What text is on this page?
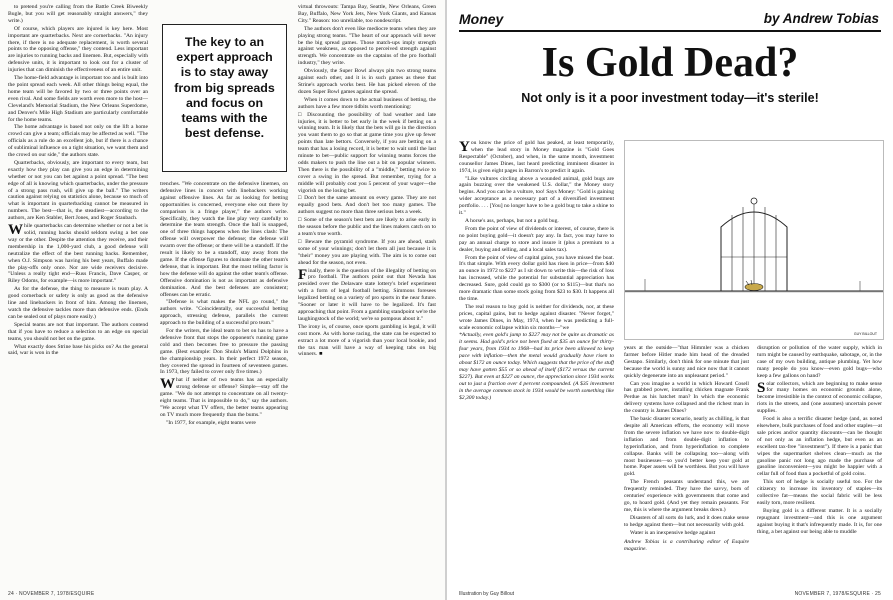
to pretend you're calling from the Battle Creek Biweekly Bugle, but you will get reasonably straight answers," they write.)

Of course, which players are injured is key here. Most important are quarterbacks. Next are cornerbacks. "An injury there, if there is no adequate replacement, is worth several points to the opposing offense," they contend. Less important are injuries to running backs and linemen. But, especially with defensive units, it is important to look out for a cluster of injuries that can diminish the effectiveness of an entire unit.

The home-field advantage is important too and is built into the point spread each week. All other things being equal, the home team will be favored by two or three points over an even rival. And some fields are worth even more to the host—Cleveland's Memorial Stadium, the New Orleans Superdome, and Denver's Mile High Stadium are particularly comfortable for the home teams.

The home advantage is based not only on the lift a home crowd can give a team; officials may be affected as well. "The officials as a rule do an excellent job, but if there is a chance of subliminal influence on a tight situation, we want them and the crowd on our side," the authors state.

Quarterbacks, obviously, are important to every team, but exactly how they play can give you an edge in determining whether or not you can bet against a point spread. "The best edge of all is knowing which quarterbacks, under the pressure of a strong pass rush, will give up the ball." The writers caution against relying on statistics alone, because so much of what is important in quarterbacking cannot be measured in numbers. The best—that is, the steadiest—according to the authors, are Ken Stabler, Bert Jones, and Roger Staubach.

While quarterbacks can determine whether or not a bet is solid, running backs should seldom swing a bet one way or the other. Despite the attention they receive, and their membership in the 1,000-yard club, a good defense will neutralize the effect of the best running backs. Remember, when O.J. Simpson was having his best years, Buffalo made the play-offs only once. Nor are wide receivers decisive. "Unless a really tight end—Russ Francis, Dave Casper, or Riley Odoms, for example—is more important."

As for the defense, the thing to measure is team play. A good cornerback or safety is only as good as the defensive line and linebackers in front of him. Among the linemen, watch the defensive tackles more than defensive ends. (Ends can be sealed out of plays more easily.)

Special teams are not that important. The authors contend that if you have to reduce a selection to an edge on special teams, you should not bet on the game.

What exactly does Strine base his picks on? As the general said, war is won in the

The key to an expert approach is to stay away from big spreads and focus on teams with the best defense.

trenches. "We concentrate on the defensive linemen, on defensive lines in concert with linebackers working against offensive lines. As far as looking for betting opportunities is concerned, everyone else out there by comparison is a fringe player," the authors write. Specifically, they watch the line play very carefully to determine the team strength. Once the ball is snapped, one of three things happens when the lines clash: The offense will overpower the defense; the defense will swarm over the offense; or there will be a standoff. If the result is likely to be a standoff, stay away from the game. If the offense figures to dominate the other team's defense, that is important. But the most telling factor is how the defense will do against the other team's offense. Offensive domination is not as important as defensive domination. And the best defenses are consistent; offenses can be erratic.

"Defense is what makes the NFL go round," the authors write. "Coincidentally, our successful betting approach, stressing defense, parallels the current approach to the building of a successful pro team."

For the writers, the ideal team to bet on has to have a defensive front that stops the opponent's running game cold and then becomes free to pressure the passing game. (Best example: Don Shula's Miami Dolphins in the championship years. In their perfect 1972 season, they covered the spread in fourteen of seventeen games. In 1973, they failed to cover only five times.)

What if neither of two teams has an especially strong defense or offense? Simple—stay off the game. "We do not attempt to concentrate on all twenty-eight teams. That is impossible to do," say the authors. "We accept what TV offers, the better teams appearing on TV much more frequently than the bums."

"In 1977, for example, eight teams were

virtual throwouts: Tampa Bay, Seattle, New Orleans, Green Bay, Buffalo, New York Jets, New York Giants, and Kansas City." Reason: too unreliable, too nondescript.

The authors don't even like mediocre teams when they are playing strong teams. "The heart of our approach will never be the big spread games. Those match-ups imply strength against weakness, as opposed to perceived strength against strength. We concentrate on the captains of the pro football industry," they write.

Obviously, the Super Bowl always pits two strong teams against each other, and it is in such games as these that Strine's approach works best. He has picked eleven of the dozen Super Bowl games against the spread.

When it comes down to the actual business of betting, the authors have a few more tidbits worth mentioning:

□ Discounting the possibility of bad weather and late injuries, it is better to bet early in the week if betting on a winning team. It is likely that the bets will go in the direction you want them to go so that at game time you give up fewer points than late bettors. Conversely, if you are betting on a team that has a losing record, it is better to wait until the last minute to bet—public support for winning teams forces the odds makers to push the line out a bit on popular winners. Then there is the possibility of a "middle," betting twice to cover a swing in the spread. But remember, trying for a middle will probably cost you 5 percent of your wager—the vigorish on the losing bet.

□ Don't bet the same amount on every game. They are not equally good bets. And don't bet too many games. The authors suggest no more than three serious bets a week.

□ Some of the season's best bets are likely to arise early in the season before the public and the lines makers catch on to a team's true worth.

□ Beware the pyramid syndrome. If you are ahead, stash some of your winnings; don't let them all just because it is "their" money you are playing with. The aim is to come out ahead for the season, not even.

Finally, there is the question of the illegality of betting on pro football. The authors point out that Nevada has presided over the Delaware state lottery's brief experiment with a form of legal football betting. Simmons foresees legalized betting on a variety of pro sports in the near future. "Sooner or later it will have to be legalized. It's fast approaching that point. From a gambling standpoint we're the laughingstock of the world; we're so pompous about it."

The irony is, of course, once sports gambling is legal, it will cost more. As with horse racing, the state can be expected to extract a lot more of a vigorish than your local bookie, and the tax man will have a way of keeping tabs on big winners. ■
24 · NOVEMBER 7, 1978/ESQUIRE
Money	by Andrew Tobias
Is Gold Dead?
Not only is it a poor investment today—it's sterile!

You know the price of gold has peaked, at least temporarily, when the lead story in Money magazine is "Gold Goes Respectable" (October), and when, in the same month, investment counsellor James Dines, last heard predicting imminent disaster in 1974, is given eight pages in Barron's to predict it again.

"Like vultures circling above a wounded animal, gold bugs are again buzzing over the weakened U.S. dollar," the Money story begins. And you can be a vulture, too! Says Money: "Gold is gaining wider acceptance as a necessary part of a diversified investment portfolio. . . . [You] no longer have to be a gold bug to take a shine to it."

A horse's ass, perhaps, but not a gold bug.

From the point of view of dividends or interest, of course, there is no point buying gold—it doesn't pay any. In fact, you may have to pay an annual charge to store and insure it (plus a premium to a dealer, buying and selling, and a local sales tax).

From the point of view of capital gains, you have missed the boat. It's that simple. With every dollar gold has risen in price—from $40 an ounce in 1972 to $227 as I sit down to write this—the risk of loss has increased, while the potential for substantial appreciation has decreased. Sure, gold could go to $300 (or to $115)—but that's no more dramatic than some stock going from $23 to $30. It happens all the time.

The real reason to buy gold is neither for dividends, nor, at these prices, capital gains, but to hedge against disaster. "Never forget," wrote James Dines, in May, 1974, when he was predicting a full-scale economic collapse within six months—"we

*Actually, even gold's jump to $227 may not be quite as dramatic as it seems. Had gold's price not been fixed at $35 an ounce for thirty-four years, from 1934 to 1968—had its price been allowed to keep pace with inflation—then the metal would gradually have risen to about $172 an ounce today. Which suggests that the price of the stuff may have gotten $55 or so ahead of itself ($172 versus the current $227). But even at $227 an ounce, the appreciation since 1934 works out to just a fraction over 4 percent compounded. (A $35 investment in the average common stock in 1934 would be worth something like $2,300 today.)

GUY BILLOUT

years at the outside—"that Himmler was a chicken farmer before Hitler made him head of the dreaded Gestapo. Similarly, don't think for one minute that just because the world is sunny and nice now that it cannot quickly degenerate into an unpleasant period."

Can you imagine a world in which Howard Cosell has grabbed power, installing chicken magnate Frank Perdue as his hatchet man? In which the economic delivery systems have collapsed and the richest man in the country is James Dines?

The basic disaster scenario, nearly as chilling, is that despite all American efforts, the economy will move from the severe inflation we have now to double-digit inflation and from double-digit inflation to hyperinflation, and from hyperinflation to complete collapse. Banks will be collapsing too—along with most businesses—so you'd better keep your gold at home. Paper assets will be worthless. But you will have gold.

The French peasants understand this, we are frequently reminded. They have the savvy, born of centuries' experience with governments that come and go, to hoard gold. (And yet they remain peasants. For me, this is where the argument breaks down.)

Disasters of all sorts do lurk, and it does make sense to hedge against them—but not necessarily with gold.

Water is an inexpensive hedge against

Andrew Tobias is a contributing editor of Esquire magazine.

disruption or pollution of the water supply, which in turn might be caused by earthquake, sabotage, or, in the case of my own building, antique plumbing. Yet how many people do you know—even gold bugs—who keep a few gallons on hand?

Solar collectors, which are beginning to make sense for many homes on economic grounds alone, become irresistible in the context of economic collapse, riots in the streets, and (one assumes) uncertain power supplies.

Food is also a terrific disaster hedge (and, as noted elsewhere, bulk purchases of food and other staples—at sale prices and/or quantity discounts—can be thought of not only as an inflation hedge, but even as an excellent tax-free "investment"). If there is a panic that wipes the supermarket shelves clean—much as the gasoline panic not long ago made the purchase of gasoline inconvenient—you might be happier with a cellar full of food than a pocketful of gold coins.

This sort of hedge is socially useful too. For the citizenry to increase its inventory of staples—its collective fat—means the social fabric will be less easily torn, more resilient.

Buying gold is a different matter. It is a socially repugnant investment—and this is one argument against buying it that's infrequently made. It is, for one thing, a bet against our being able to muddle

Illustration by Guy Billout	NOVEMBER 7, 1978/ESQUIRE · 25
